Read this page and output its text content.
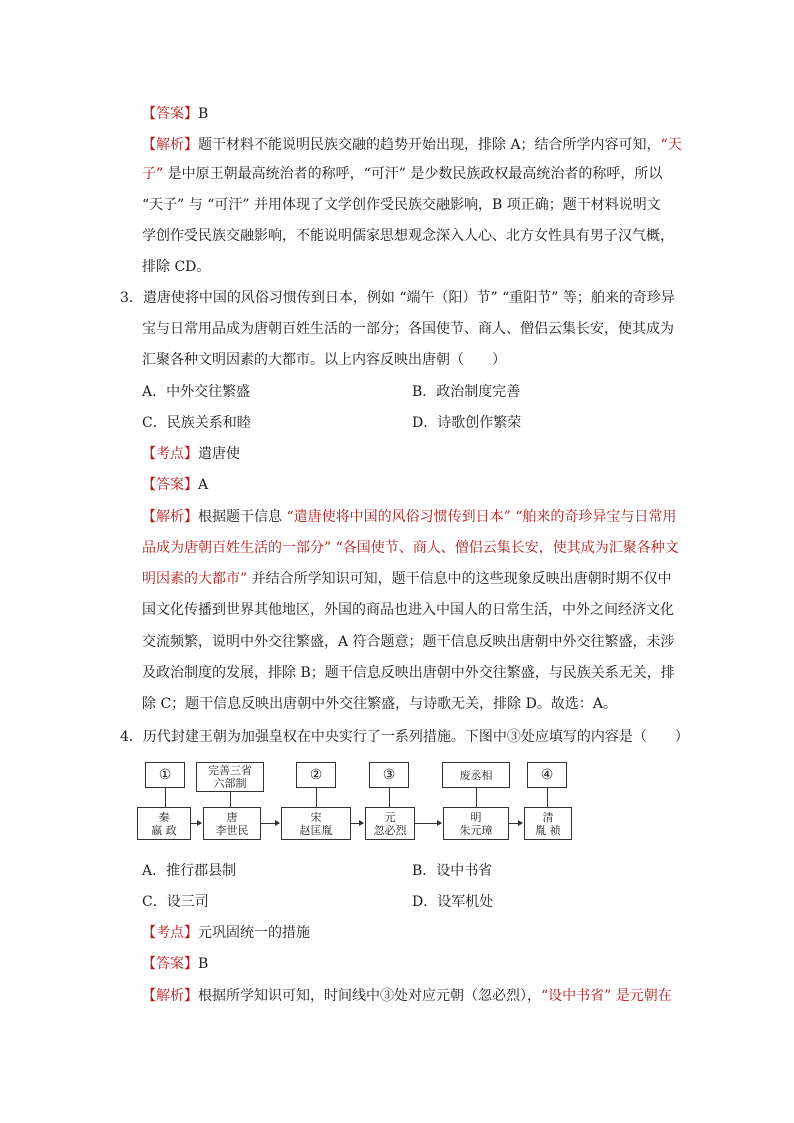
【答案】B
【解析】题干材料不能说明民族交融的趋势开始出现，排除 A；结合所学内容可知，“天
子” 是中原王朝最高统治者的称呼，“可汗” 是少数民族政权最高统治者的称呼，所以
“天子” 与 “可汗” 并用体现了文学创作受民族交融影响，B 项正确；题干材料说明文
学创作受民族交融影响，不能说明儒家思想观念深入人心、北方女性具有男子汉气概，
排除 CD。
3．遣唐使将中国的风俗习惯传到日本，例如 “端午（阳）节” “重阳节” 等；舶来的奇珍异
宝与日常用品成为唐朝百姓生活的一部分；各国使节、商人、僧侣云集长安，使其成为
汇聚各种文明因素的大都市。以上内容反映出唐朝（　　）
A．中外交往繁盛	B．政治制度完善
C．民族关系和睦	D．诗歌创作繁荣
【考点】遣唐使
【答案】A
【解析】根据题干信息 “遣唐使将中国的风俗习惯传到日本” “舶来的奇珍异宝与日常用
品成为唐朝百姓生活的一部分” “各国使节、商人、僧侣云集长安，使其成为汇聚各种文
明因素的大都市” 并结合所学知识可知，题干信息中的这些现象反映出唐朝时期不仅中
国文化传播到世界其他地区，外国的商品也进入中国人的日常生活，中外之间经济文化
交流频繁，说明中外交往繁盛，A 符合题意；题干信息反映出唐朝中外交往繁盛，未涉
及政治制度的发展，排除 B；题干信息反映出唐朝中外交往繁盛，与民族关系无关，排
除 C；题干信息反映出唐朝中外交往繁盛，与诗歌无关，排除 D。故选：A。
4．历代封建王朝为加强皇权在中央实行了一系列措施。下图中③处应填写的内容是（　　）
①	完善三省
六部制
②	③	废丞相	④
秦
嬴 政
唐
李世民
宋
赵匡胤
元
忽必烈
明
朱元璋
清
胤 祯
A．推行郡县制	B．设中书省
C．设三司	D．设军机处
【考点】元巩固统一的措施
【答案】B
【解析】根据所学知识可知，时间线中③处对应元朝（忽必烈），“设中书省” 是元朝在
